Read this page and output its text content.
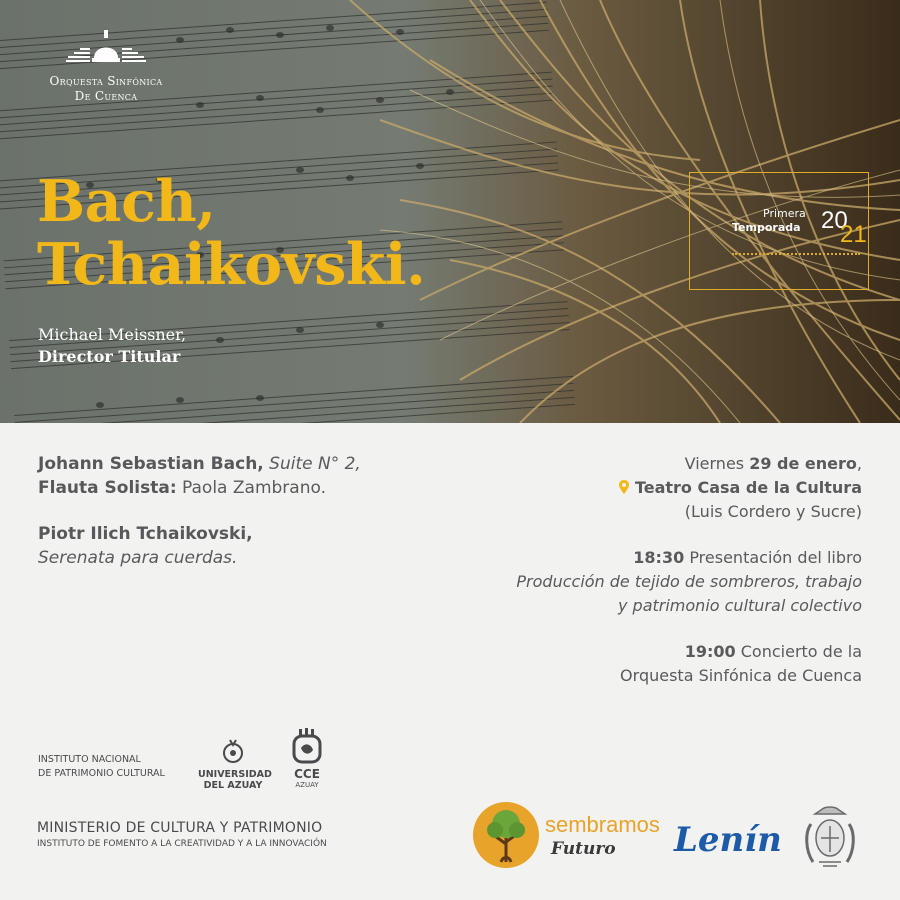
Orquesta Sinfónica
De Cuenca
Bach,
Tchaikovski.
Michael Meissner,
Director Titular
Primera
Temporada 20
21
Johann Sebastian Bach, Suite N° 2,
Flauta Solista: Paola Zambrano.
Piotr Ilich Tchaikovski,
Serenata para cuerdas.
Viernes 29 de enero,
Teatro Casa de la Cultura
(Luis Cordero y Sucre)
18:30 Presentación del libro
Producción de tejido de sombreros, trabajo
y patrimonio cultural colectivo
19:00 Concierto de la
Orquesta Sinfónica de Cuenca
INSTITUTO NACIONAL
DE PATRIMONIO CULTURAL	UNIVERSIDAD
DEL AZUAY
CCE
AZUAY
MINISTERIO DE CULTURA Y PATRIMONIO
INSTITUTO DE FOMENTO A LA CREATIVIDAD Y A LA INNOVACIÓN
sembramos
Futuro Lenín
